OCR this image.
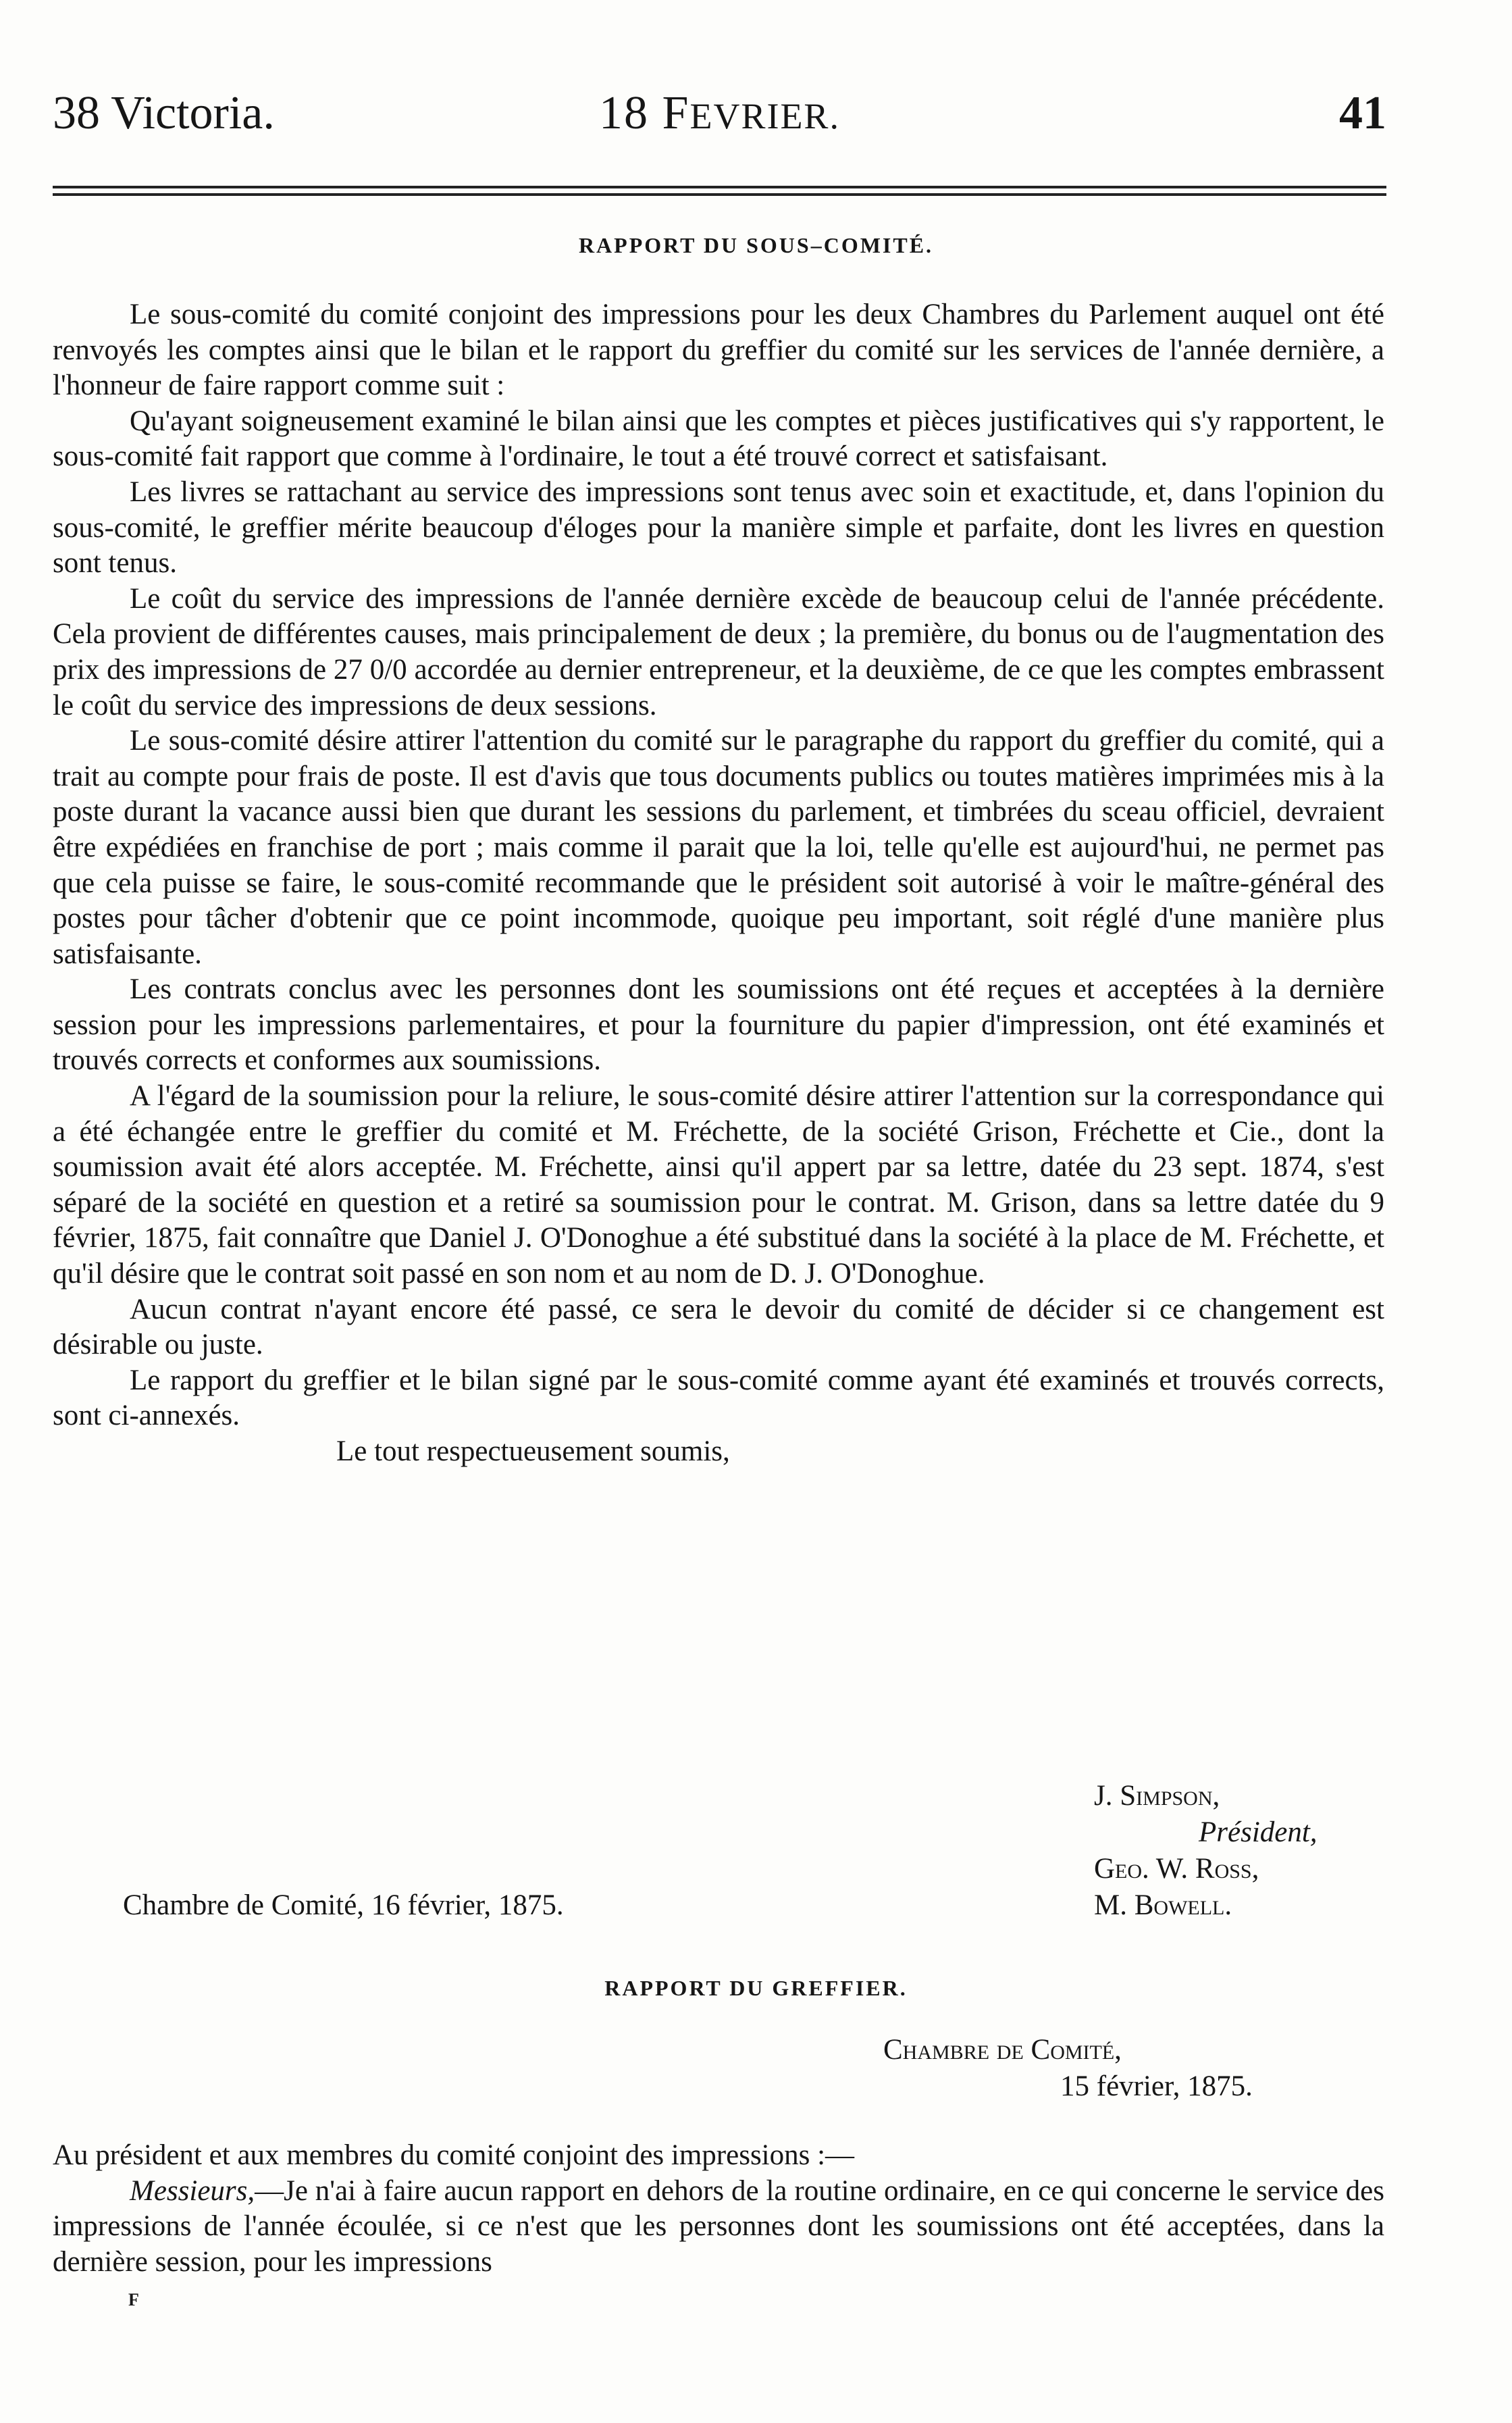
38 Victoria.	18 FEVRIER.	41
RAPPORT DU SOUS–COMITÉ.

Le sous-comité du comité conjoint des impressions pour les deux Chambres du Parlement auquel ont été renvoyés les comptes ainsi que le bilan et le rapport du greffier du comité sur les services de l'année dernière, a l'honneur de faire rapport comme suit :

Qu'ayant soigneusement examiné le bilan ainsi que les comptes et pièces justificatives qui s'y rapportent, le sous-comité fait rapport que comme à l'ordinaire, le tout a été trouvé correct et satisfaisant.

Les livres se rattachant au service des impressions sont tenus avec soin et exactitude, et, dans l'opinion du sous-comité, le greffier mérite beaucoup d'éloges pour la manière simple et parfaite, dont les livres en question sont tenus.

Le coût du service des impressions de l'année dernière excède de beaucoup celui de l'année précédente. Cela provient de différentes causes, mais principalement de deux ; la première, du bonus ou de l'augmentation des prix des impressions de 27 0/0 accordée au dernier entrepreneur, et la deuxième, de ce que les comptes embrassent le coût du service des impressions de deux sessions.

Le sous-comité désire attirer l'attention du comité sur le paragraphe du rapport du greffier du comité, qui a trait au compte pour frais de poste. Il est d'avis que tous documents publics ou toutes matières imprimées mis à la poste durant la vacance aussi bien que durant les sessions du parlement, et timbrées du sceau officiel, devraient être expédiées en franchise de port ; mais comme il parait que la loi, telle qu'elle est aujourd'hui, ne permet pas que cela puisse se faire, le sous-comité recommande que le président soit autorisé à voir le maître-général des postes pour tâcher d'obtenir que ce point incommode, quoique peu important, soit réglé d'une manière plus satisfaisante.

Les contrats conclus avec les personnes dont les soumissions ont été reçues et acceptées à la dernière session pour les impressions parlementaires, et pour la fourniture du papier d'impression, ont été examinés et trouvés corrects et conformes aux soumissions.

A l'égard de la soumission pour la reliure, le sous-comité désire attirer l'attention sur la correspondance qui a été échangée entre le greffier du comité et M. Fréchette, de la société Grison, Fréchette et Cie., dont la soumission avait été alors acceptée. M. Fréchette, ainsi qu'il appert par sa lettre, datée du 23 sept. 1874, s'est séparé de la société en question et a retiré sa soumission pour le contrat. M. Grison, dans sa lettre datée du 9 février, 1875, fait connaître que Daniel J. O'Donoghue a été substitué dans la société à la place de M. Fréchette, et qu'il désire que le contrat soit passé en son nom et au nom de D. J. O'Donoghue.

Aucun contrat n'ayant encore été passé, ce sera le devoir du comité de décider si ce changement est désirable ou juste.

Le rapport du greffier et le bilan signé par le sous-comité comme ayant été examinés et trouvés corrects, sont ci-annexés.

Le tout respectueusement soumis,

J. Simpson,
Président,
Geo. W. Ross,
M. Bowell.
Chambre de Comité, 16 février, 1875.
RAPPORT DU GREFFIER.
Chambre de Comité,
15 février, 1875.

Au président et aux membres du comité conjoint des impressions :—

Messieurs,—Je n'ai à faire aucun rapport en dehors de la routine ordinaire, en ce qui concerne le service des impressions de l'année écoulée, si ce n'est que les personnes dont les soumissions ont été acceptées, dans la dernière session, pour les impressions

F
